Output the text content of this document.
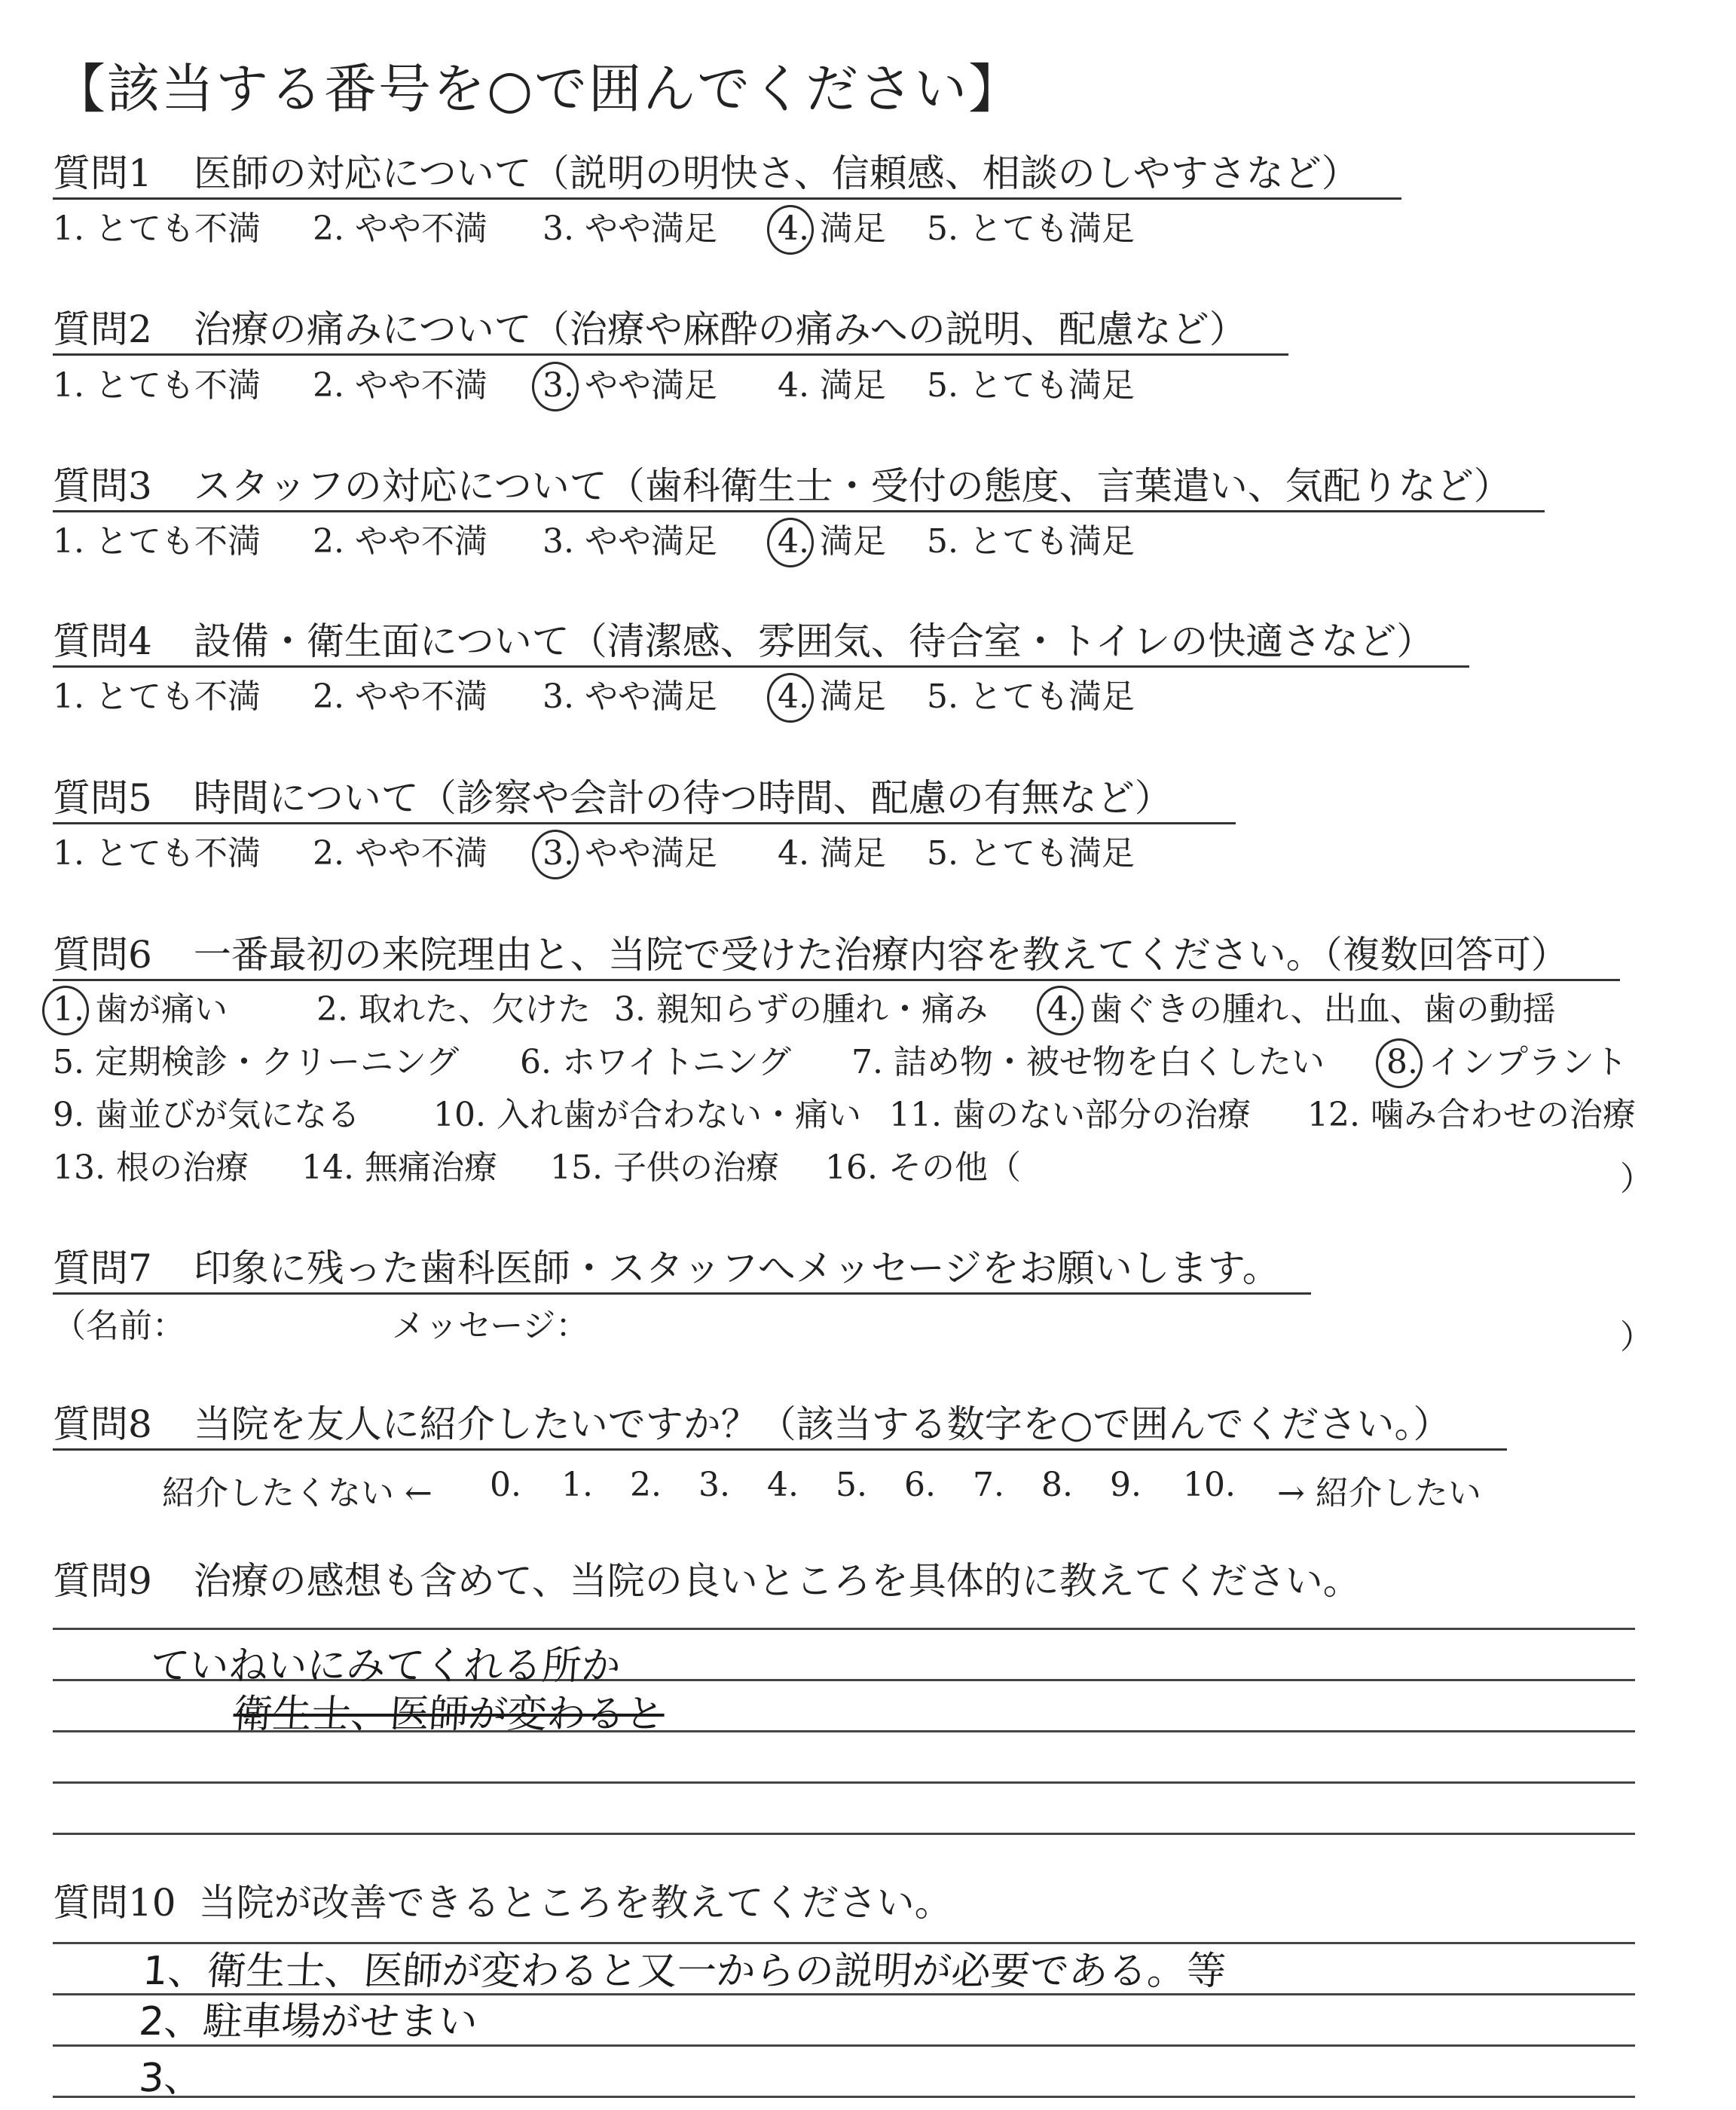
【該当する番号を○で囲んでください】
質問1 医師の対応について（説明の明快さ、信頼感、相談のしやすさなど）
1. とても不満 2. やや不満 3. やや満足 4. 満足 5. とても満足
質問2 治療の痛みについて（治療や麻酔の痛みへの説明、配慮など）
1. とても不満 2. やや不満 3. やや満足 4. 満足 5. とても満足
質問3 スタッフの対応について（歯科衛生士・受付の態度、言葉遣い、気配りなど）
1. とても不満 2. やや不満 3. やや満足 4. 満足 5. とても満足
質問4 設備・衛生面について（清潔感、雰囲気、待合室・トイレの快適さなど）
1. とても不満 2. やや不満 3. やや満足 4. 満足 5. とても満足
質問5 時間について（診察や会計の待つ時間、配慮の有無など）
1. とても不満 2. やや不満 3. やや満足 4. 満足 5. とても満足
質問6 一番最初の来院理由と、当院で受けた治療内容を教えてください。（複数回答可）
1. 歯が痛い	2. 取れた、欠けた 3. 親知らずの腫れ・痛み 4. 歯ぐきの腫れ、出血、歯の動揺
5. 定期検診・クリーニング 6. ホワイトニング 7. 詰め物・被せ物を白くしたい 8. インプラント
9. 歯並びが気になる 10. 入れ歯が合わない・痛い 11. 歯のない部分の治療 12. 噛み合わせの治療
13. 根の治療 14. 無痛治療 15. 子供の治療 16. その他（	）
質問7 印象に残った歯科医師・スタッフへメッセージをお願いします。
（名前：	メッセージ：	）
質問8 当院を友人に紹介したいですか？（該当する数字を○で囲んでください。）
紹介したくない ← 0. 1. 2. 3. 4. 5. 6. 7. 8. 9. 10. → 紹介したい
質問9 治療の感想も含めて、当院の良いところを具体的に教えてください。
ていねいにみてくれる所か
衛生士、医師が変わると
質問10 当院が改善できるところを教えてください。
1、衛生士、医師が変わると又一からの説明が必要である。等
2、駐車場がせまい
3、
